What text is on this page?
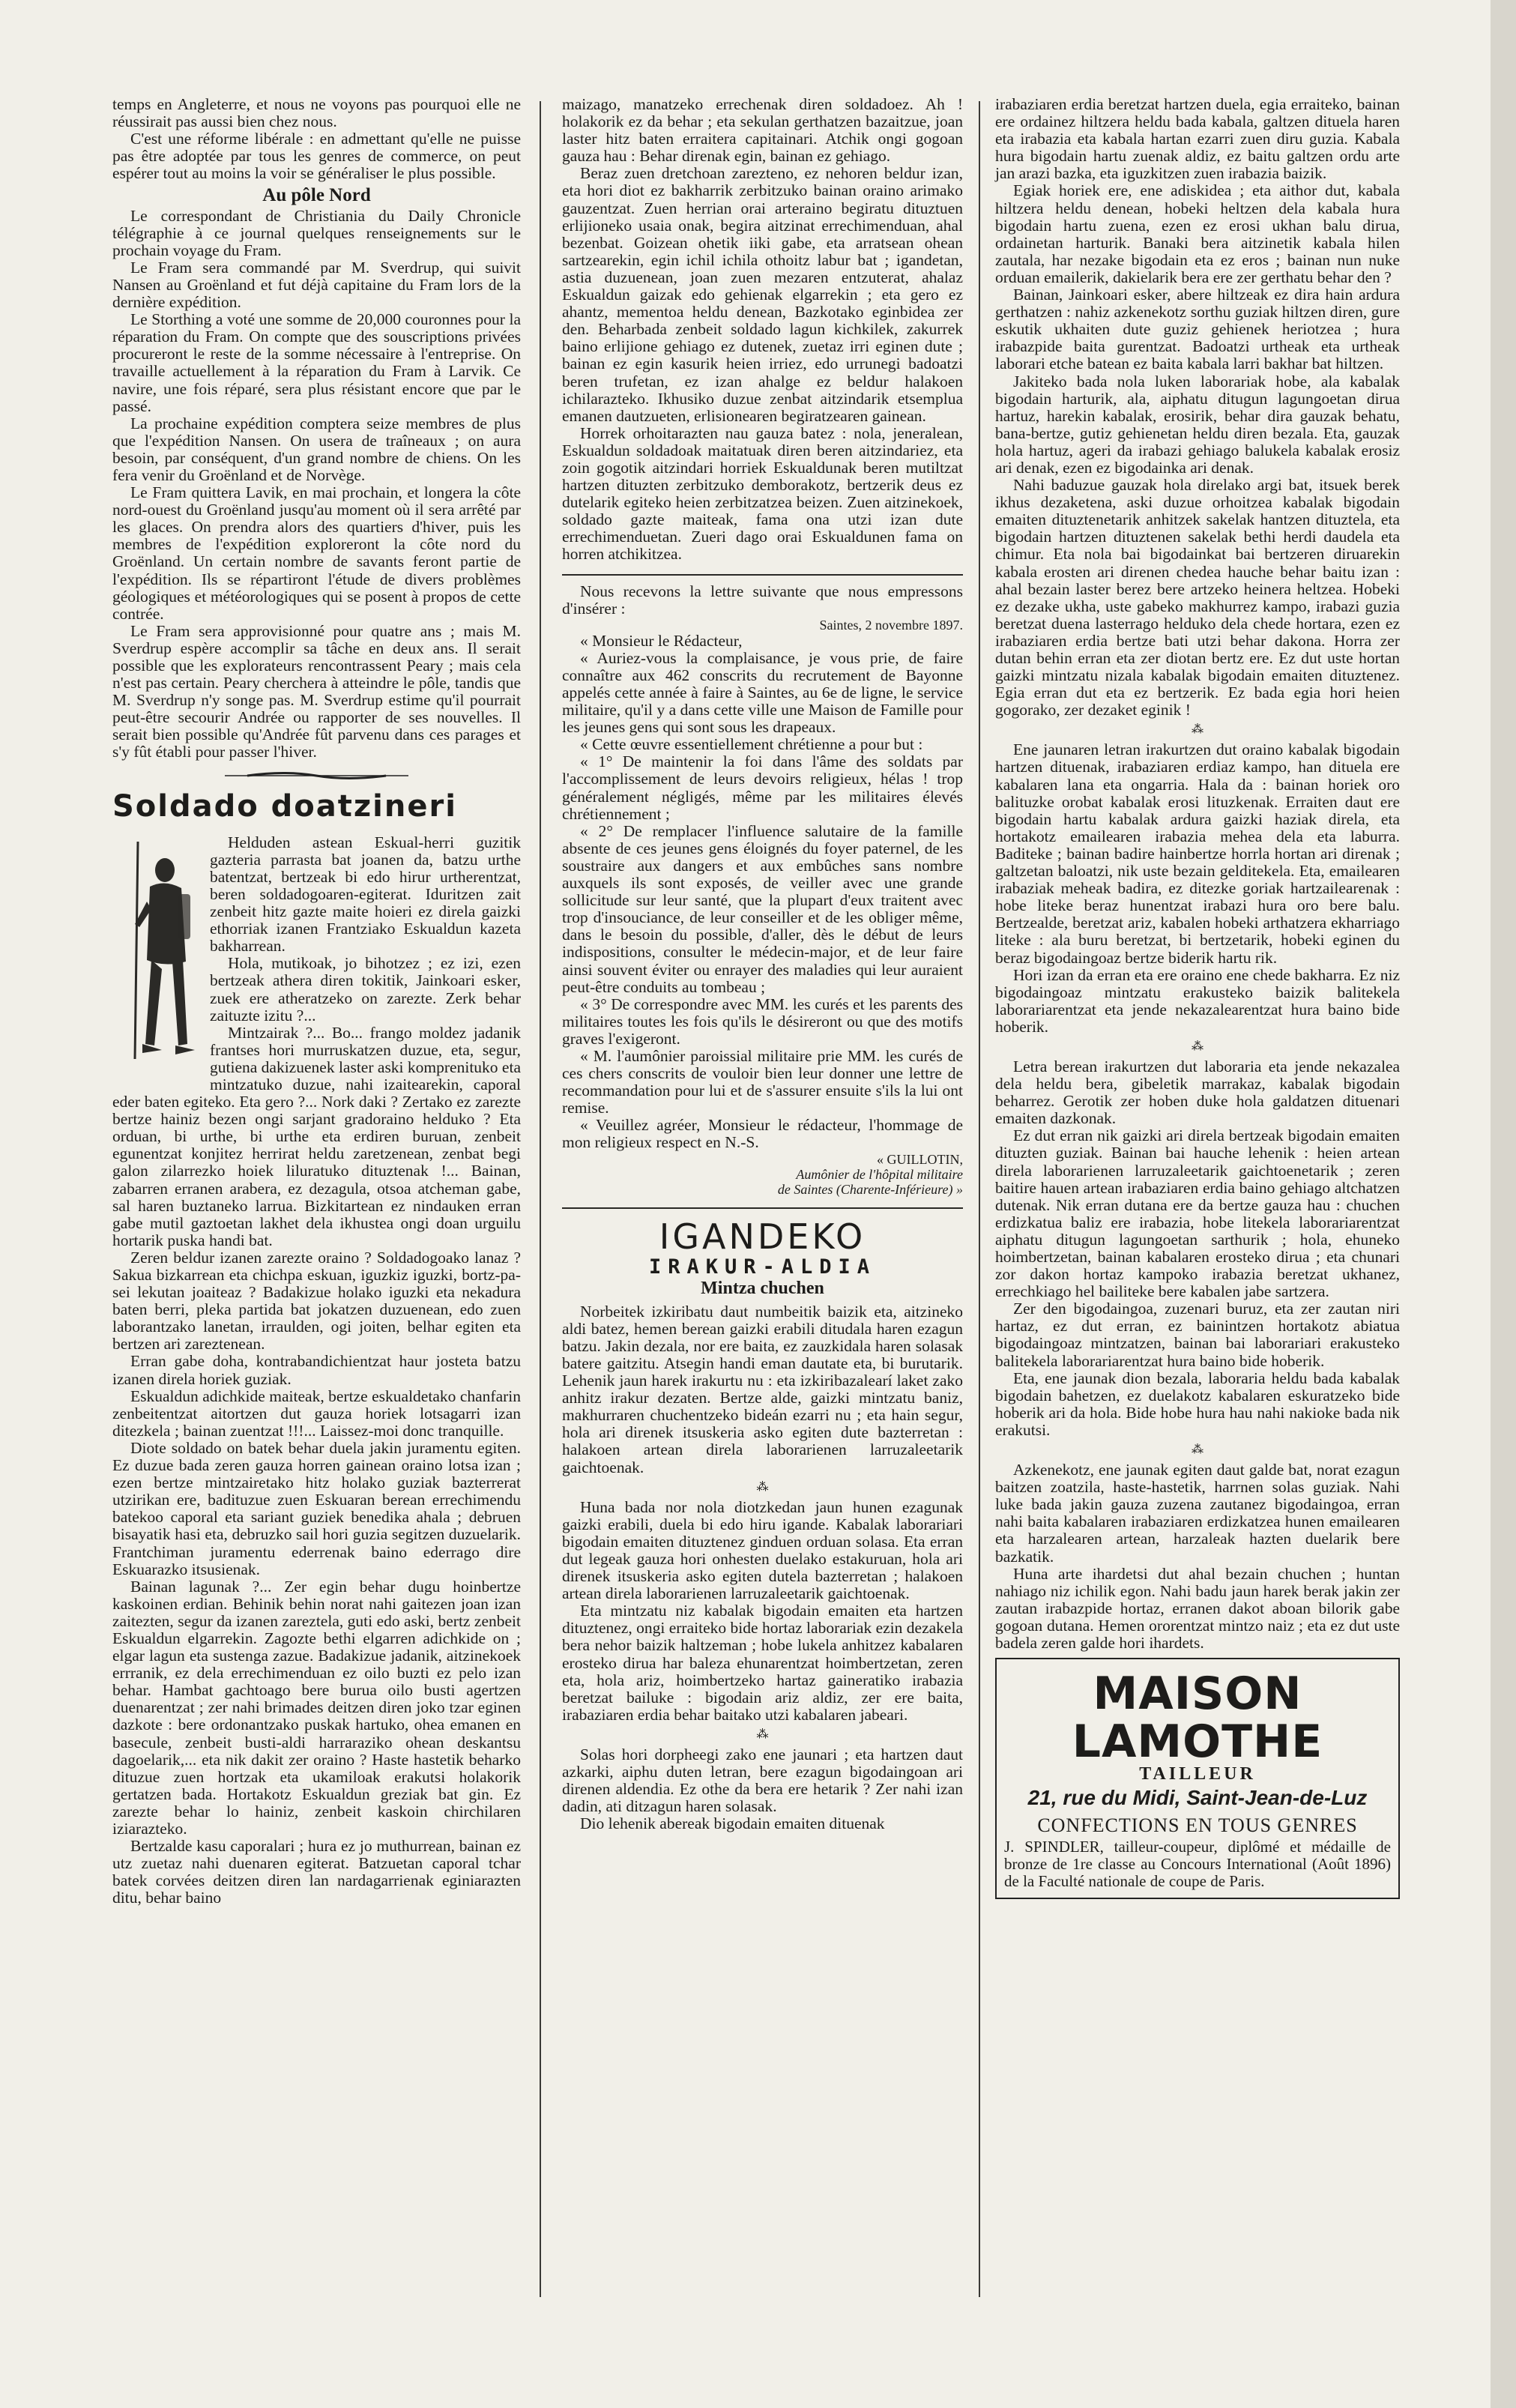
temps en Angleterre, et nous ne voyons pas pourquoi elle ne réussirait pas aussi bien chez nous.

C'est une réforme libérale : en admettant qu'elle ne puisse pas être adoptée par tous les genres de commerce, on peut espérer tout au moins la voir se généraliser le plus possible.

Au pôle Nord

Le correspondant de Christiania du Daily Chronicle télégraphie à ce journal quelques renseignements sur le prochain voyage du Fram.

Le Fram sera commandé par M. Sverdrup, qui suivit Nansen au Groënland et fut déjà capitaine du Fram lors de la dernière expédition.

Le Storthing a voté une somme de 20,000 couronnes pour la réparation du Fram. On compte que des souscriptions privées procureront le reste de la somme nécessaire à l'entreprise. On travaille actuellement à la réparation du Fram à Larvik. Ce navire, une fois réparé, sera plus résistant encore que par le passé.

La prochaine expédition comptera seize membres de plus que l'expédition Nansen. On usera de traîneaux ; on aura besoin, par conséquent, d'un grand nombre de chiens. On les fera venir du Groënland et de Norvège.

Le Fram quittera Lavik, en mai prochain, et longera la côte nord-ouest du Groënland jusqu'au moment où il sera arrêté par les glaces. On prendra alors des quartiers d'hiver, puis les membres de l'expédition exploreront la côte nord du Groënland. Un certain nombre de savants feront partie de l'expédition. Ils se répartiront l'étude de divers problèmes géologiques et météorologiques qui se posent à propos de cette contrée.

Le Fram sera approvisionné pour quatre ans ; mais M. Sverdrup espère accomplir sa tâche en deux ans. Il serait possible que les explorateurs rencontrassent Peary ; mais cela n'est pas certain. Peary cherchera à atteindre le pôle, tandis que M. Sverdrup n'y songe pas. M. Sverdrup estime qu'il pourrait peut-être secourir Andrée ou rapporter de ses nouvelles. Il serait bien possible qu'Andrée fût parvenu dans ces parages et s'y fût établi pour passer l'hiver.

Soldado doatzineri

Helduden astean Eskual-herri guzitik gazteria parrasta bat joanen da, batzu urthe batentzat, bertzeak bi edo hirur urtherentzat, beren soldadogoaren-egiterat. Iduritzen zait zenbeit hitz gazte maite hoieri ez direla gaizki ethorriak izanen Frantziako Eskualdun kazeta bakharrean.

Hola, mutikoak, jo bihotzez ; ez izi, ezen bertzeak athera diren tokitik, Jainkoari esker, zuek ere atheratzeko on zarezte. Zerk behar zaituzte izitu ?...

Mintzairak ?... Bo... frango moldez jadanik frantses hori murruskatzen duzue, eta, segur, gutiena dakizuenek laster aski komprenituko eta mintzatuko duzue, nahi izaitearekin, caporal eder baten egiteko. Eta gero ?... Nork daki ? Zertako ez zarezte bertze hainiz bezen ongi sarjant gradoraino helduko ? Eta orduan, bi urthe, bi urthe eta erdiren buruan, zenbeit egunentzat konjitez herrirat heldu zaretzenean, zenbat begi galon zilarrezko hoiek liluratuko dituztenak !... Bainan, zabarren erranen arabera, ez dezagula, otsoa atcheman gabe, sal haren buztaneko larrua. Bizkitartean ez nindauken erran gabe mutil gaztoetan lakhet dela ikhustea ongi doan urguilu hortarik puska handi bat.

Zeren beldur izanen zarezte oraino ? Soldadogoako lanaz ? Sakua bizkarrean eta chichpa eskuan, iguzkiz iguzki, bortz-pa-sei lekutan joaiteaz ? Badakizue holako iguzki eta nekadura baten berri, pleka partida bat jokatzen duzuenean, edo zuen laborantzako lanetan, irraulden, ogi joiten, belhar egiten eta bertzen ari zareztenean.

Erran gabe doha, kontrabandichientzat haur josteta batzu izanen direla horiek guziak.

Eskualdun adichkide maiteak, bertze eskualdetako chanfarin zenbeitentzat aitortzen dut gauza horiek lotsagarri izan ditezkela ; bainan zuentzat !!!... Laissez-moi donc tranquille.

Diote soldado on batek behar duela jakin juramentu egiten. Ez duzue bada zeren gauza horren gainean oraino lotsa izan ; ezen bertze mintzairetako hitz holako guziak bazterrerat utzirikan ere, badituzue zuen Eskuaran berean errechimendu batekoo caporal eta sariant guziek benedika ahala ; debruen bisayatik hasi eta, debruzko sail hori guzia segitzen duzuelarik. Frantchiman juramentu ederrenak baino ederrago dire Eskuarazko itsusienak.

Bainan lagunak ?... Zer egin behar dugu hoinbertze kaskoinen erdian. Behinik behin norat nahi gaitezen joan izan zaitezten, segur da izanen zareztela, guti edo aski, bertz zenbeit Eskualdun elgarrekin. Zagozte bethi elgarren adichkide on ; elgar lagun eta sustenga zazue. Badakizue jadanik, aitzinekoek errranik, ez dela errechimenduan ez oilo buzti ez pelo izan behar. Hambat gachtoago bere burua oilo busti agertzen duenarentzat ; zer nahi brimades deitzen diren joko tzar eginen dazkote : bere ordonantzako puskak hartuko, ohea emanen en basecule, zenbeit busti-aldi harraraziko ohean deskantsu dagoelarik,... eta nik dakit zer oraino ? Haste hastetik beharko dituzue zuen hortzak eta ukamiloak erakutsi holakorik gertatzen bada. Hortakotz Eskualdun greziak bat gin. Ez zarezte behar lo hainiz, zenbeit kaskoin chirchilaren iziarazteko.

Bertzalde kasu caporalari ; hura ez jo muthurrean, bainan ez utz zuetaz nahi duenaren egiterat. Batzuetan caporal tchar batek corvées deitzen diren lan nardagarrienak eginiarazten ditu, behar baino

maizago, manatzeko errechenak diren soldadoez. Ah ! holakorik ez da behar ; eta sekulan gerthatzen bazaitzue, joan laster hitz baten erraitera capitainari. Atchik ongi gogoan gauza hau : Behar direnak egin, bainan ez gehiago.

Beraz zuen dretchoan zarezteno, ez nehoren beldur izan, eta hori diot ez bakharrik zerbitzuko bainan oraino arimako gauzentzat. Zuen herrian orai arteraino begiratu dituztuen erlijioneko usaia onak, begira aitzinat errechimenduan, ahal bezenbat. Goizean ohetik iiki gabe, eta arratsean ohean sartzearekin, egin ichil ichila othoitz labur bat ; igandetan, astia duzuenean, joan zuen mezaren entzuterat, ahalaz Eskualdun gaizak edo gehienak elgarrekin ; eta gero ez ahantz, mementoa heldu denean, Bazkotako eginbidea zer den. Beharbada zenbeit soldado lagun kichkilek, zakurrek baino erlijione gehiago ez dutenek, zuetaz irri eginen dute ; bainan ez egin kasurik heien irriez, edo urrunegi badoatzi beren trufetan, ez izan ahalge ez beldur halakoen ichilarazteko. Ikhusiko duzue zenbat aitzindarik etsemplua emanen dautzueten, erlisionearen begiratzearen gainean.

Horrek orhoitarazten nau gauza batez : nola, jeneralean, Eskualdun soldadoak maitatuak diren beren aitzindariez, eta zoin gogotik aitzindari horriek Eskualdunak beren mutiltzat hartzen dituzten zerbitzuko demborakotz, bertzerik deus ez dutelarik egiteko heien zerbitzatzea beizen. Zuen aitzinekoek, soldado gazte maiteak, fama ona utzi izan dute errechimenduetan. Zueri dago orai Eskualdunen fama on horren atchikitzea.

Nous recevons la lettre suivante que nous empressons d'insérer :

Saintes, 2 novembre 1897.

« Monsieur le Rédacteur,

« Auriez-vous la complaisance, je vous prie, de faire connaître aux 462 conscrits du recrutement de Bayonne appelés cette année à faire à Saintes, au 6e de ligne, le service militaire, qu'il y a dans cette ville une Maison de Famille pour les jeunes gens qui sont sous les drapeaux.

« Cette œuvre essentiellement chrétienne a pour but :

« 1° De maintenir la foi dans l'âme des soldats par l'accomplissement de leurs devoirs religieux, hélas ! trop généralement négligés, même par les militaires élevés chrétiennement ;

« 2° De remplacer l'influence salutaire de la famille absente de ces jeunes gens éloignés du foyer paternel, de les soustraire aux dangers et aux embûches sans nombre auxquels ils sont exposés, de veiller avec une grande sollicitude sur leur santé, que la plupart d'eux traitent avec trop d'insouciance, de leur conseiller et de les obliger même, dans le besoin du possible, d'aller, dès le début de leurs indispositions, consulter le médecin-major, et de leur faire ainsi souvent éviter ou enrayer des maladies qui leur auraient peut-être conduits au tombeau ;

« 3° De correspondre avec MM. les curés et les parents des militaires toutes les fois qu'ils le désireront ou que des motifs graves l'exigeront.

« M. l'aumônier paroissial militaire prie MM. les curés de ces chers conscrits de vouloir bien leur donner une lettre de recommandation pour lui et de s'assurer ensuite s'ils la lui ont remise.

« Veuillez agréer, Monsieur le rédacteur, l'hommage de mon religieux respect en N.-S.

« GUILLOTIN,

Aumônier de l'hôpital militaire

de Saintes (Charente-Inférieure) »

IGANDEKO
IRAKUR-ALDIA
Mintza chuchen

Norbeitek izkiribatu daut numbeitik baizik eta, aitzineko aldi batez, hemen berean gaizki erabili ditudala haren ezagun batzu. Jakin dezala, nor ere baita, ez zauzkidala haren solasak batere gaitzitu. Atsegin handi eman dautate eta, bi burutarik. Lehenik jaun harek irakurtu nu : eta izkiribazalearí laket zako anhitz irakur dezaten. Bertze alde, gaizki mintzatu baniz, makhurraren chuchentzeko bideán ezarri nu ; eta hain segur, hola ari direnek itsuskeria asko egiten dute bazterretan : halakoen artean direla laborarienen larruzaleetarik gaichtoenak.

⁂

Huna bada nor nola diotzkedan jaun hunen ezagunak gaizki erabili, duela bi edo hiru igande. Kabalak laborariari bigodain emaiten dituztenez ginduen orduan solasa. Eta erran dut legeak gauza hori onhesten duelako estakuruan, hola ari direnek itsuskeria asko egiten dutela bazterretan ; halakoen artean direla laborarienen larruzaleetarik gaichtoenak.

Eta mintzatu niz kabalak bigodain emaiten eta hartzen dituztenez, ongi erraiteko bide hortaz laborariak ezin dezakela bera nehor baizik haltzeman ; hobe lukela anhitzez kabalaren erosteko dirua har baleza ehunarentzat hoimbertzetan, zeren eta, hola ariz, hoimbertzeko hartaz gaineratiko irabazia beretzat bailuke : bigodain ariz aldiz, zer ere baita, irabaziaren erdia behar baitako utzi kabalaren jabeari.

⁂

Solas hori dorpheegi zako ene jaunari ; eta hartzen daut azkarki, aiphu duten letran, bere ezagun bigodaingoan ari direnen aldendia. Ez othe da bera ere hetarik ? Zer nahi izan dadin, ati ditzagun haren solasak.

Dio lehenik abereak bigodain emaiten dituenak

irabaziaren erdia beretzat hartzen duela, egia erraiteko, bainan ere ordainez hiltzera heldu bada kabala, galtzen dituela haren eta irabazia eta kabala hartan ezarri zuen diru guzia. Kabala hura bigodain hartu zuenak aldiz, ez baitu galtzen ordu arte jan arazi bazka, eta iguzkitzen zuen irabazia baizik.

Egiak horiek ere, ene adiskidea ; eta aithor dut, kabala hiltzera heldu denean, hobeki heltzen dela kabala hura bigodain hartu zuena, ezen ez erosi ukhan balu dirua, ordainetan harturik. Banaki bera aitzinetik kabala hilen zautala, har nezake bigodain eta ez eros ; bainan nun nuke orduan emailerik, dakielarik bera ere zer gerthatu behar den ?

Bainan, Jainkoari esker, abere hiltzeak ez dira hain ardura gerthatzen : nahiz azkenekotz sorthu guziak hiltzen diren, gure eskutik ukhaiten dute guziz gehienek heriotzea ; hura irabazpide baita gurentzat. Badoatzi urtheak eta urtheak laborari etche batean ez baita kabala larri bakhar bat hiltzen.

Jakiteko bada nola luken laborariak hobe, ala kabalak bigodain harturik, ala, aiphatu ditugun lagungoetan dirua hartuz, harekin kabalak, erosirik, behar dira gauzak behatu, bana-bertze, gutiz gehienetan heldu diren bezala. Eta, gauzak hola hartuz, ageri da irabazi gehiago balukela kabalak erosiz ari denak, ezen ez bigodainka ari denak.

Nahi baduzue gauzak hola direlako argi bat, itsuek berek ikhus dezaketena, aski duzue orhoitzea kabalak bigodain emaiten dituztenetarik anhitzek sakelak hantzen dituztela, eta bigodain hartzen dituztenen sakelak bethi herdi daudela eta chimur. Eta nola bai bigodainkat bai bertzeren diruarekin kabala erosten ari direnen chedea hauche behar baitu izan : ahal bezain laster berez bere artzeko heinera heltzea. Hobeki ez dezake ukha, uste gabeko makhurrez kampo, irabazi guzia beretzat duena lasterrago helduko dela chede hortara, ezen ez irabaziaren erdia bertze bati utzi behar dakona. Horra zer dutan behin erran eta zer diotan bertz ere. Ez dut uste hortan gaizki mintzatu nizala kabalak bigodain emaiten dituztenez. Egia erran dut eta ez bertzerik. Ez bada egia hori heien gogorako, zer dezaket eginik !

⁂

Ene jaunaren letran irakurtzen dut oraino kabalak bigodain hartzen dituenak, irabaziaren erdiaz kampo, han dituela ere kabalaren lana eta ongarria. Hala da : bainan horiek oro balituzke orobat kabalak erosi lituzkenak. Erraiten daut ere bigodain hartu kabalak ardura gaizki haziak direla, eta hortakotz emailearen irabazia mehea dela eta laburra. Baditeke ; bainan badire hainbertze horrla hortan ari direnak ; galtzetan baloatzi, nik uste bezain gelditekela. Eta, emailearen irabaziak meheak badira, ez ditezke goriak hartzailearenak : hobe liteke beraz hunentzat irabazi hura oro bere balu. Bertzealde, beretzat ariz, kabalen hobeki arthatzera ekharriago liteke : ala buru beretzat, bi bertzetarik, hobeki eginen du beraz bigodaingoaz bertze biderik hartu rik.

Hori izan da erran eta ere oraino ene chede bakharra. Ez niz bigodaingoaz mintzatu erakusteko baizik balitekela laborariarentzat eta jende nekazalearentzat hura baino bide hoberik.

⁂

Letra berean irakurtzen dut laboraria eta jende nekazalea dela heldu bera, gibeletik marrakaz, kabalak bigodain beharrez. Gerotik zer hoben duke hola galdatzen dituenari emaiten dazkonak.

Ez dut erran nik gaizki ari direla bertzeak bigodain emaiten dituzten guziak. Bainan bai hauche lehenik : heien artean direla laborarienen larruzaleetarik gaichtoenetarik ; zeren baitire hauen artean irabaziaren erdia baino gehiago altchatzen dutenak. Nik erran dutana ere da bertze gauza hau : chuchen erdizkatua baliz ere irabazia, hobe litekela laborariarentzat aiphatu ditugun lagungoetan sarthurik ; hola, ehuneko hoimbertzetan, bainan kabalaren erosteko dirua ; eta chunari zor dakon hortaz kampoko irabazia beretzat ukhanez, errechkiago hel bailiteke bere kabalen jabe sartzera.

Zer den bigodaingoa, zuzenari buruz, eta zer zautan niri hartaz, ez dut erran, ez bainintzen hortakotz abiatua bigodaingoaz mintzatzen, bainan bai laborariari erakusteko balitekela laborariarentzat hura baino bide hoberik.

Eta, ene jaunak dion bezala, laboraria heldu bada kabalak bigodain bahetzen, ez duelakotz kabalaren eskuratzeko bide hoberik ari da hola. Bide hobe hura hau nahi nakioke bada nik erakutsi.

⁂

Azkenekotz, ene jaunak egiten daut galde bat, norat ezagun baitzen zoatzila, haste-hastetik, harrnen solas guziak. Nahi luke bada jakin gauza zuzena zautanez bigodaingoa, erran nahi baita kabalaren irabaziaren erdizkatzea hunen emailearen eta harzalearen artean, harzaleak hazten duelarik bere bazkatik.

Huna arte ihardetsi dut ahal bezain chuchen ; huntan nahiago niz ichilik egon. Nahi badu jaun harek berak jakin zer zautan irabazpide hortaz, erranen dakot aboan bilorik gabe gogoan dutana. Hemen ororentzat mintzo naiz ; eta ez dut uste badela zeren galde hori ihardets.

MAISON LAMOTHE
TAILLEUR
21, rue du Midi, Saint-Jean-de-Luz
CONFECTIONS EN TOUS GENRES
J. SPINDLER, tailleur-coupeur, diplômé et médaille de bronze de 1re classe au Concours International (Août 1896) de la Faculté nationale de coupe de Paris.
